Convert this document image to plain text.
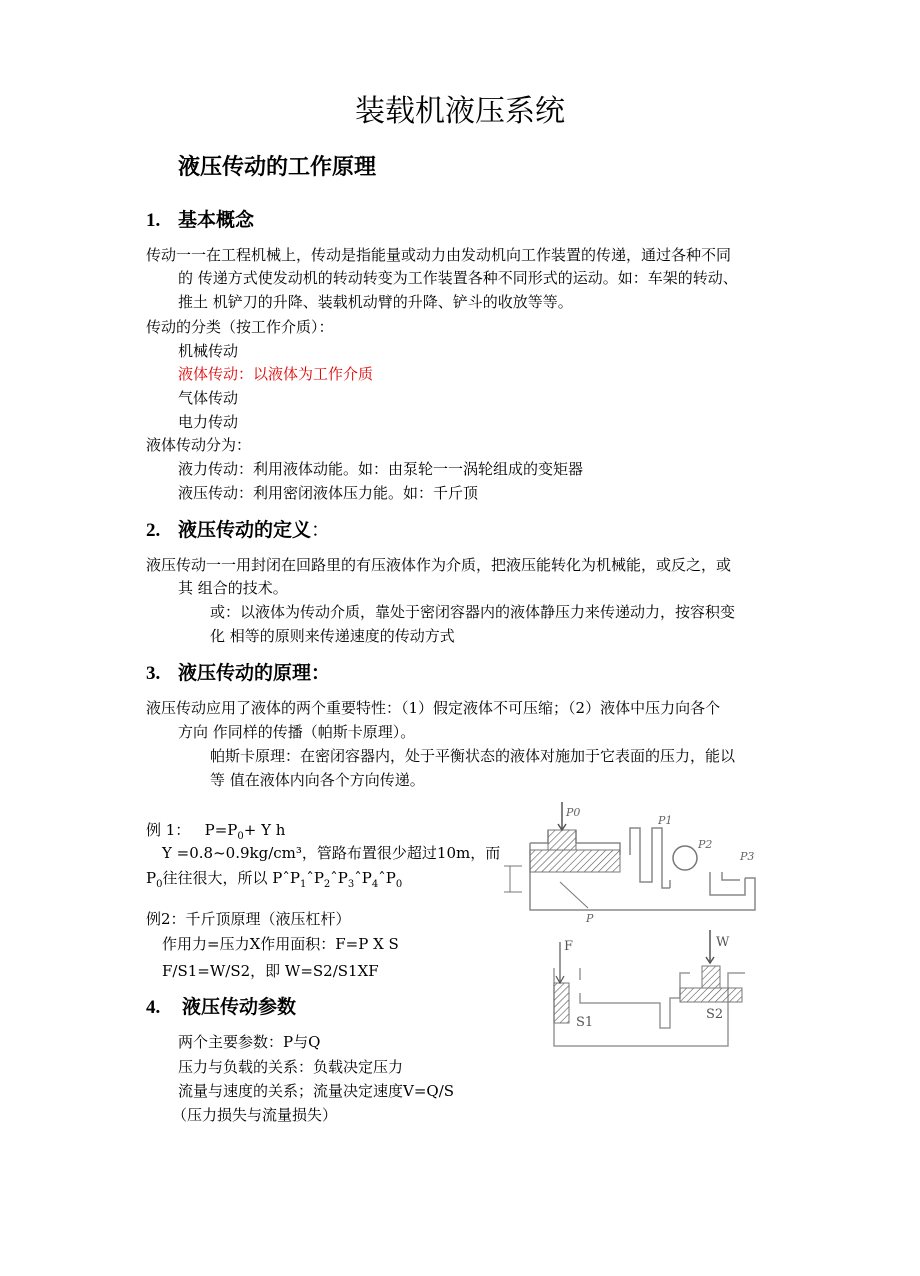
装载机液压系统
液压传动的工作原理
1. 基本概念
传动一一在工程机械上，传动是指能量或动力由发动机向工作装置的传递，通过各种不同
的 传递方式使发动机的转动转变为工作装置各种不同形式的运动。如：车架的转动、
推土 机铲刀的升降、装载机动臂的升降、铲斗的收放等等。
传动的分类（按工作介质）：
机械传动
液体传动：以液体为工作介质
气体传动
电力传动
液体传动分为：
液力传动：利用液体动能。如：由泵轮一一涡轮组成的变矩器
液压传动：利用密闭液体压力能。如：千斤顶
2. 液压传动的定义：
液压传动一一用封闭在回路里的有压液体作为介质，把液压能转化为机械能，或反之，或
其 组合的技术。
或：以液体为传动介质，靠处于密闭容器内的液体静压力来传递动力，按容积变
化 相等的原则来传递速度的传动方式
3. 液压传动的原理：
液压传动应用了液体的两个重要特性：（1）假定液体不可压缩；（2）液体中压力向各个
方向 作同样的传播（帕斯卡原理）。
帕斯卡原理：在密闭容器内，处于平衡状态的液体对施加于它表面的压力，能以
等 值在液体内向各个方向传递。
例 1： $P=P_0+ Y$ h
Y =0.8~0.9kg/cm³，管路布置很少超过10m，而
$P_0$往往很大，所以 PˆP$_1$ˆP$_2$ˆP$_3$ˆP$_4$ˆP$_0$
例2：千斤顶原理（液压杠杆）
作用力=压力X作用面积：F=P X S
F/S1=W/S2，即 W=S2/S1XF
4. 液压传动参数
两个主要参数：P与Q
压力与负载的关系：负载决定压力
流量与速度的关系；流量决定速度V=Q/S
（压力损失与流量损失）
P0
P1
P2
P3
P
F	W
S1
S2
